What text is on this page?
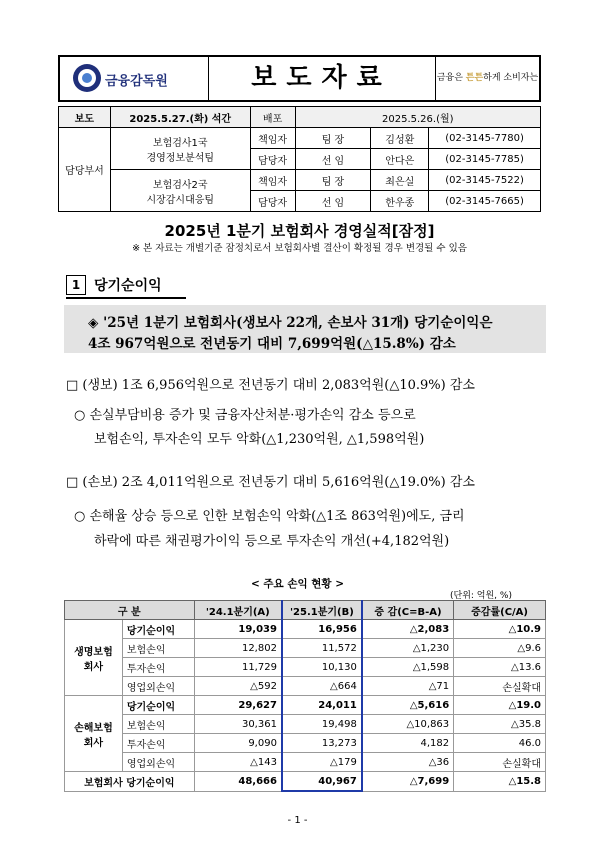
금융감독원	보도자료	금융은 튼튼하게 소비자는 행복하게
보도	2025.5.27.(화) 석간	배포	2025.5.26.(월)		
담당부서	보험검사1국
경영정보분석팀	책임자	팀 장	김성환	(02-3145-7780)
		담당자	선 임	안다은	(02-3145-7785)

	보험검사2국
시장감시대응팀	책임자	팀 장	최은실	(02-3145-7522)
		담당자	선 임	한우종	(02-3145-7665)
2025년 1분기 보험회사 경영실적[잠정]
※ 본 자료는 개별기준 잠정치로서 보험회사별 결산이 확정될 경우 변경될 수 있음
1 당기순이익
◈ '25년 1분기 보험회사(생보사 22개, 손보사 31개) 당기순이익은
4조 967억원으로 전년동기 대비 7,699억원(△15.8%) 감소
□ (생보) 1조 6,956억원으로 전년동기 대비 2,083억원(△10.9%) 감소
○ 손실부담비용 증가 및 금융자산처분·평가손익 감소 등으로
보험손익, 투자손익 모두 악화(△1,230억원, △1,598억원)
□ (손보) 2조 4,011억원으로 전년동기 대비 5,616억원(△19.0%) 감소
○ 손해율 상승 등으로 인한 보험손익 악화(△1조 863억원)에도, 금리
하락에 따른 채권평가이익 등으로 투자손익 개선(+4,182억원)
< 주요 손익 현황 >
(단위: 억원, %)
구 분		'24.1분기(A)	'25.1분기(B)	증 감(C=B-A)	증감률(C/A)
생명보험 회사	당기순이익	19,039	16,956	△2,083	△10.9
	보험손익	12,802	11,572	△1,230	△9.6
	투자손익	11,729	10,130	△1,598	△13.6
	영업외손익	△592	△664	△71	손실확대
손해보험 회사	당기순이익	29,627	24,011	△5,616	△19.0
	보험손익	30,361	19,498	△10,863	△35.8
	투자손익	9,090	13,273	4,182	46.0
	영업외손익	△143	△179	△36	손실확대
보험회사 당기순이익		48,666	40,967	△7,699	△15.8
- 1 -
